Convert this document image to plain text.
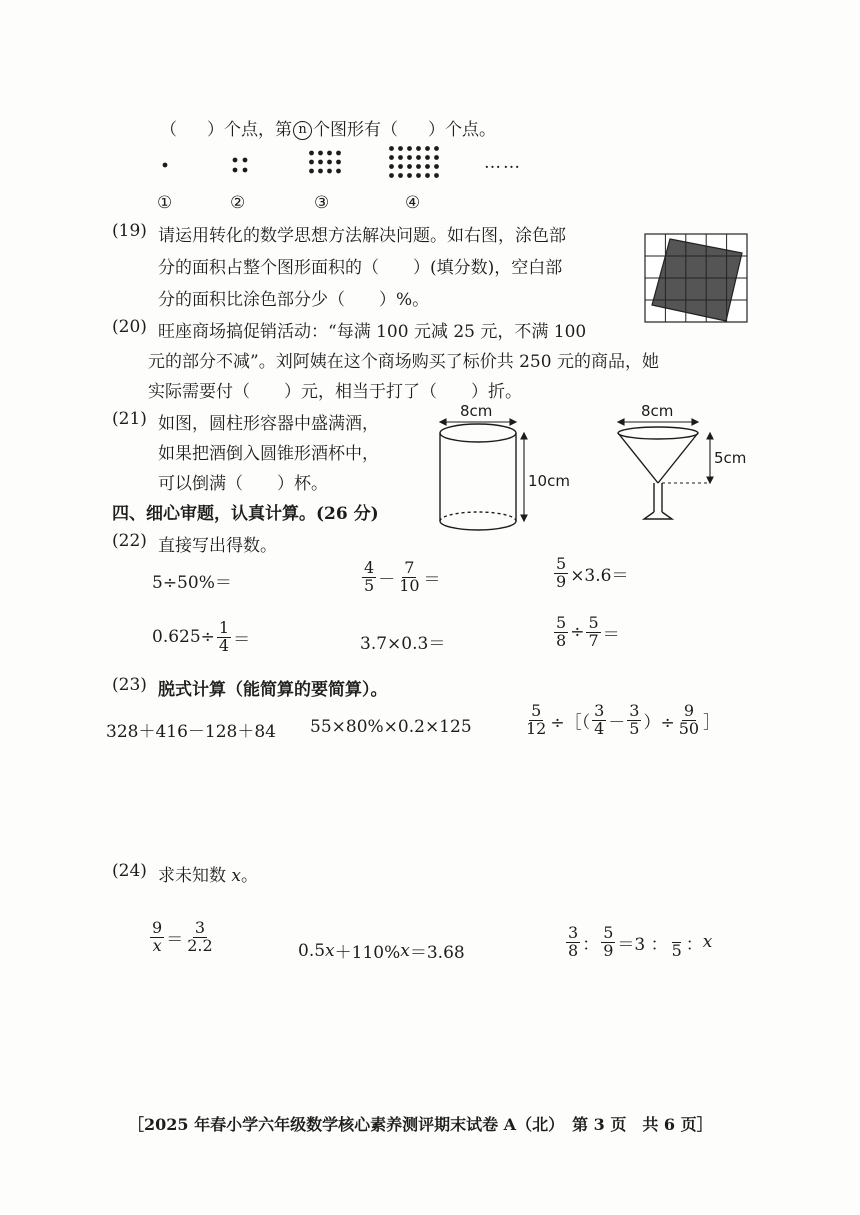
（ ）个点，第 n 个图形有（ ）个点。
①	②	③	④
……
(19) 请运用转化的数学思想方法解决问题。如右图，涂色部
分的面积占整个图形面积的（　　）(填分数)，空白部
分的面积比涂色部分少（　　）%。
(20) 旺座商场搞促销活动：“每满 100 元减 25 元，不满 100
元的部分不减”。刘阿姨在这个商场购买了标价共 250 元的商品，她
实际需要付（　　）元，相当于打了（　　）折。
(21) 如图，圆柱形容器中盛满酒，
如果把酒倒入圆锥形酒杯中，
可以倒满（　　）杯。
8cm
10cm
8cm
5cm
四、细心审题，认真计算。(26 分)
(22) 直接写出得数。
5÷50%＝	$\frac{4}{5} - \frac{7}{10}$ ＝	$\frac{5}{9} \times 3.6=$
$0.625\div \frac{1}{4}$ ＝	3.7×0.3＝	$\frac{5}{8} \div \frac{5}{7}$ ＝
(23) 脱式计算（能简算的要简算）。
328＋416－128＋84 55×80%×0.2×125	$\frac{5}{12}$ ÷［（ $\frac{3}{4} - \frac{3}{5}$ ）÷ $\frac{9}{50}$ ］
(24) 求未知数 x。
$\frac{9}{x} = \frac{3}{2.2}$	0.5 x ＋110% x ＝3.68	$\frac{3}{8}$ ： $\frac{5}{9} =3$ ：
5 ： x
［2025 年春小学六年级数学核心素养测评期末试卷 A（北）　第 3 页　共 6 页］
